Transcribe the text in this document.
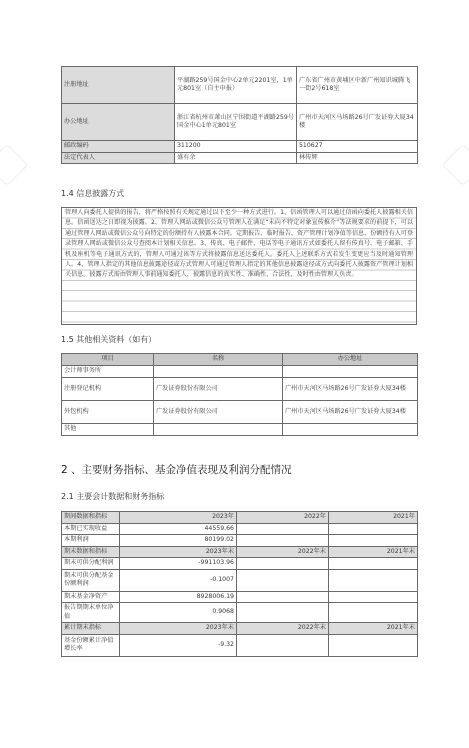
注册地址	平湖路259号国金中心2单元2201室，1单元801室（自主申报）	广东省广州市黄埔区中新广州知识城腾飞一街2号618室
办公地址	浙江省杭州市萧山区宁围街道平湖路259号国金中心1单元801室	广州市天河区马场路26号广发证券大厦34楼
邮政编码	311200	510627
法定代表人	盛有余	林传辉
1.4 信息披露方式
管理人向委托人提供的报告，将严格按照有关规定通过以下至少一种方式进行。1、信函管理人可以通过信函向委托人披露相关信息。信函送达之日即视为披露。2、管理人网站或微信公众号管理人在满足“未向不特定对象宣传推介”等法规要求的前提下，可以通过管理人网站或微信公众号向特定的份额持有人披露本合同。定期报告、临时报告、资产管理计划净值等信息，份额持有人可登录管理人网站或微信公众号查阅本计划相关信息。3、传真、电子邮件、电话等电子通讯方式如委托人留有传真号、电子邮箱、手机及座机等电子通讯方式的，管理人可通过该等方式将披露信息送达委托人。委托人上述联系方式若发生变更应当及时通知管理人。4、管理人指定的其他信息披露途径或方式管理人可通过管理人指定的其他信息披露途径或方式向委托人披露资产管理计划相关信息。披露方式需由管理人事前通知委托人，披露信息的真实性、准确性、合法性、及时性由管理人负责。
1.5 其他相关资料（如有）
项目	名称	办公地址
会计师事务所		
注册登记机构	广发证券股份有限公司	广州市天河区马场路26号广发证券大厦34楼
外包机构	广发证券股份有限公司	广州市天河区马场路26号广发证券大厦34楼
其他		
2 、主要财务指标、基金净值表现及利润分配情况
2.1 主要会计数据和财务指标
期间数据和指标	2023年	2022年	2021年
本期已实现收益	44559.66		
本期利润	80199.02		
期末数据和指标	2023年末	2022年末	2021年末
期末可供分配利润	-991103.96		
期末可供分配基金份额利润	-0.1007		
期末基金净资产	8928006.19		
报告期期末单位净值	0.9068		
累计期末指标	2023年末	2022年末	2021年末
基金份额累计净值增长率	-9.32		
